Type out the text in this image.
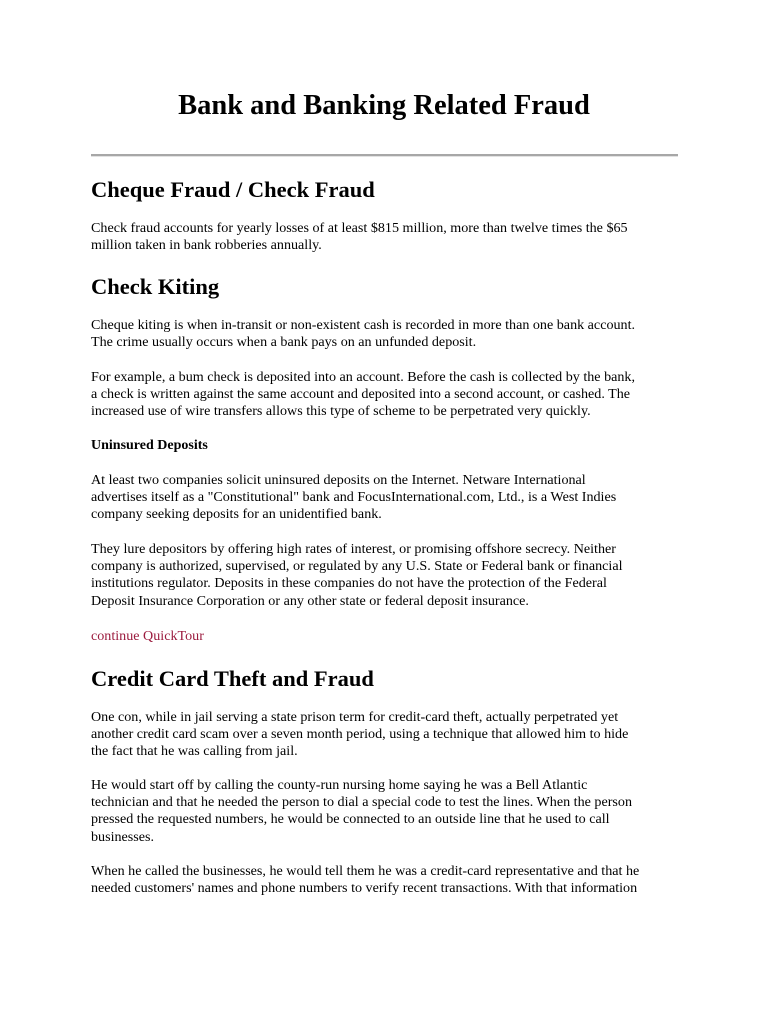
Bank and Banking Related Fraud
Cheque Fraud / Check Fraud

Check fraud accounts for yearly losses of at least $815 million, more than twelve times the $65
million taken in bank robberies annually.

Check Kiting

Cheque kiting is when in-transit or non-existent cash is recorded in more than one bank account.
The crime usually occurs when a bank pays on an unfunded deposit.

For example, a bum check is deposited into an account. Before the cash is collected by the bank,
a check is written against the same account and deposited into a second account, or cashed. The
increased use of wire transfers allows this type of scheme to be perpetrated very quickly.

Uninsured Deposits

At least two companies solicit uninsured deposits on the Internet. Netware International
advertises itself as a "Constitutional" bank and FocusInternational.com, Ltd., is a West Indies
company seeking deposits for an unidentified bank.

They lure depositors by offering high rates of interest, or promising offshore secrecy. Neither
company is authorized, supervised, or regulated by any U.S. State or Federal bank or financial
institutions regulator. Deposits in these companies do not have the protection of the Federal
Deposit Insurance Corporation or any other state or federal deposit insurance.

continue QuickTour
Credit Card Theft and Fraud

One con, while in jail serving a state prison term for credit-card theft, actually perpetrated yet
another credit card scam over a seven month period, using a technique that allowed him to hide
the fact that he was calling from jail.

He would start off by calling the county-run nursing home saying he was a Bell Atlantic
technician and that he needed the person to dial a special code to test the lines. When the person
pressed the requested numbers, he would be connected to an outside line that he used to call
businesses.

When he called the businesses, he would tell them he was a credit-card representative and that he
needed customers' names and phone numbers to verify recent transactions. With that information
